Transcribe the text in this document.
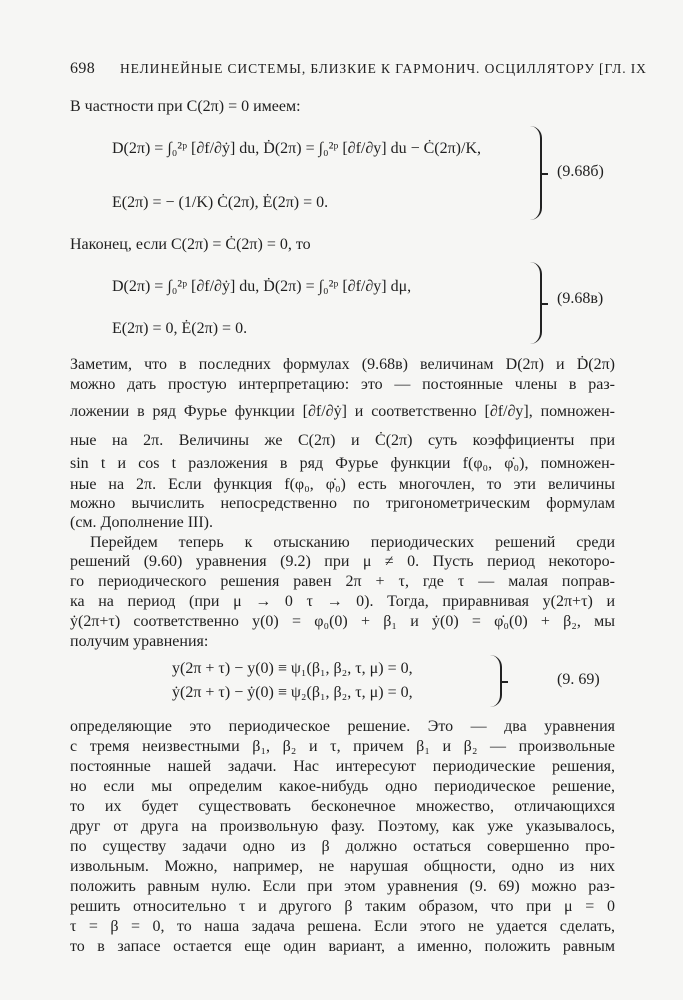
698 НЕЛИНЕЙНЫЕ СИСТЕМЫ, БЛИЗКИЕ К ГАРМОНИЧ. ОСЦИЛЛЯТОРУ [ГЛ. IX
В частности при C(2π) = 0 имеем:
D(2π) = ∫₀²ᵖ [∂f/∂ẏ] du, Ḋ(2π) = ∫₀²ᵖ [∂f/∂y] du − Ċ(2π)/K,
E(2π) = − (1/K) Ċ(2π), Ė(2π) = 0.
(9.68б)
Наконец, если C(2π) = Ċ(2π) = 0, то
D(2π) = ∫₀²ᵖ [∂f/∂ẏ] du, Ḋ(2π) = ∫₀²ᵖ [∂f/∂y] dμ,
E(2π) = 0, Ė(2π) = 0.
(9.68в)
Заметим, что в последних формулах (9.68в) величинам D(2π) и Ḋ(2π)
можно дать простую интерпретацию: это — постоянные члены в раз-
ложении в ряд Фурье функции [∂f/∂ẏ] и соответственно [∂f/∂y], помножен-
ные на 2π. Величины же C(2π) и Ċ(2π) суть коэффициенты при
sin t и cos t разложения в ряд Фурье функции f(φ₀, φ̇₀), помножен-
ные на 2π. Если функция f(φ₀, φ̇₀) есть многочлен, то эти величины
можно вычислить непосредственно по тригонометрическим формулам
(см. Дополнение III).
Перейдем теперь к отысканию периодических решений среди
решений (9.60) уравнения (9.2) при μ ≠ 0. Пусть период некоторо-
го периодического решения равен 2π + τ, где τ — малая поправ-
ка на период (при μ → 0 τ → 0). Тогда, приравнивая y(2π+τ) и
ẏ(2π+τ) соответственно y(0) = φ₀(0) + β₁ и ẏ(0) = φ̇₀(0) + β₂, мы
получим уравнения:
y(2π + τ) − y(0) ≡ ψ₁(β₁, β₂, τ, μ) = 0,
ẏ(2π + τ) − ẏ(0) ≡ ψ₂(β₁, β₂, τ, μ) = 0,
(9. 69)
определяющие это периодическое решение. Это — два уравнения
с тремя неизвестными β₁, β₂ и τ, причем β₁ и β₂ — произвольные
постоянные нашей задачи. Нас интересуют периодические решения,
но если мы определим какое-нибудь одно периодическое решение,
то их будет существовать бесконечное множество, отличающихся
друг от друга на произвольную фазу. Поэтому, как уже указывалось,
по существу задачи одно из β должно остаться совершенно про-
извольным. Можно, например, не нарушая общности, одно из них
положить равным нулю. Если при этом уравнения (9. 69) можно раз-
решить относительно τ и другого β таким образом, что при μ = 0
τ = β = 0, то наша задача решена. Если этого не удается сделать,
то в запасе остается еще один вариант, а именно, положить равным
